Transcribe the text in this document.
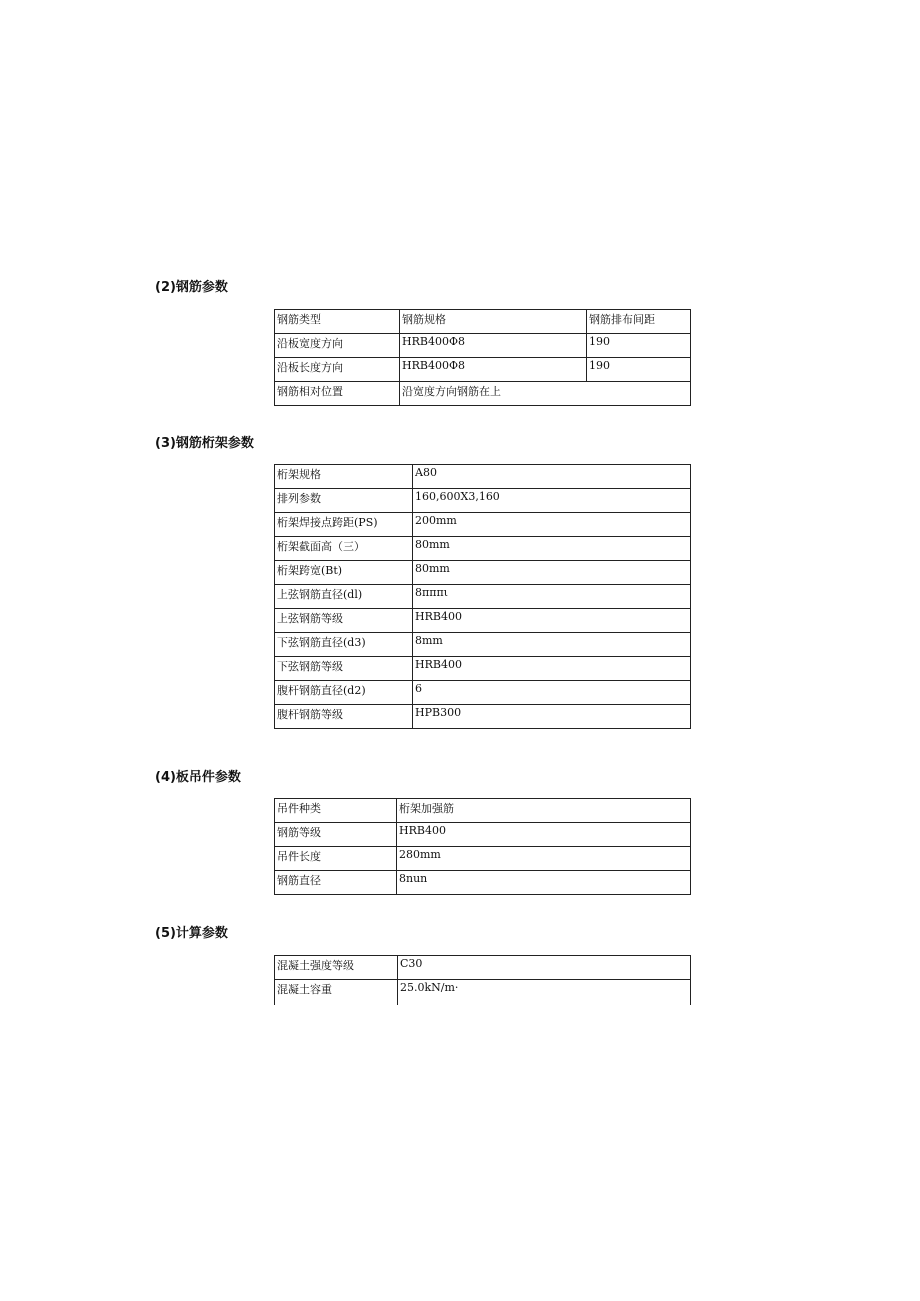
(2)钢筋参数
钢筋类型	钢筋规格	钢筋排布间距
沿板宽度方向	HRB400Φ8	190
沿板长度方向	HRB400Φ8	190
钢筋相对位置	沿宽度方向钢筋在上	
(3)钢筋桁架参数
桁架规格	A80
排列参数	160,600X3,160
桁架焊接点跨距(PS)	200mm
桁架截面高（三）	80mm
桁架跨宽(Bt)	80mm
上弦钢筋直径(dl)	8πππι
上弦钢筋等级	HRB400
下弦钢筋直径(d3)	8mm
下弦钢筋等级	HRB400
腹杆钢筋直径(d2)	6
腹杆钢筋等级	HPB300
(4)板吊件参数
吊件种类	桁架加强筋
钢筋等级	HRB400
吊件长度	280mm
钢筋直径	8nun
(5)计算参数
混凝土强度等级	C30
混凝土容重	25.0kN∕m·
